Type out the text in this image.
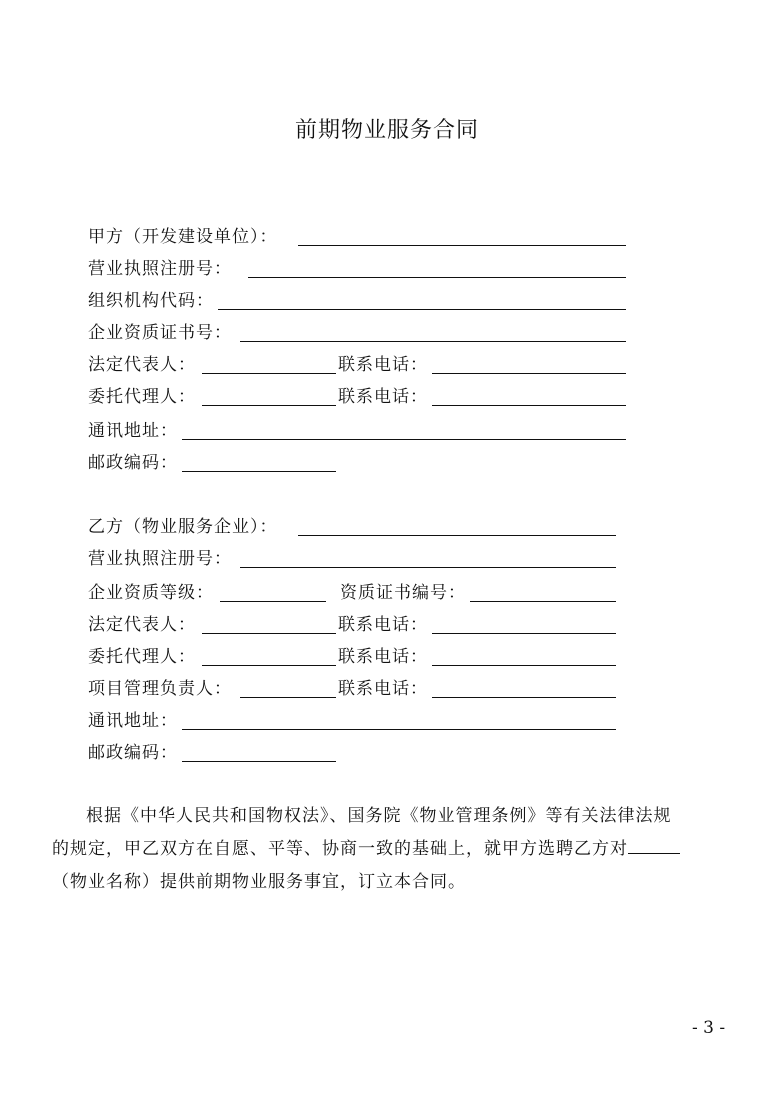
前期物业服务合同
甲方（开发建设单位）：
营业执照注册号：
组织机构代码：
企业资质证书号：
法定代表人：	联系电话：
委托代理人：	联系电话：
通讯地址：
邮政编码：
乙方（物业服务企业）：
营业执照注册号：
企业资质等级：	资质证书编号：
法定代表人：	联系电话：
委托代理人：	联系电话：
项目管理负责人：	联系电话：
通讯地址：
邮政编码：

根据《中华人民共和国物权法》、国务院《物业管理条例》等有关法律法规

的规定，甲乙双方在自愿、平等、协商一致的基础上，就甲方选聘乙方对

（物业名称）提供前期物业服务事宜，订立本合同。

- 3 -
